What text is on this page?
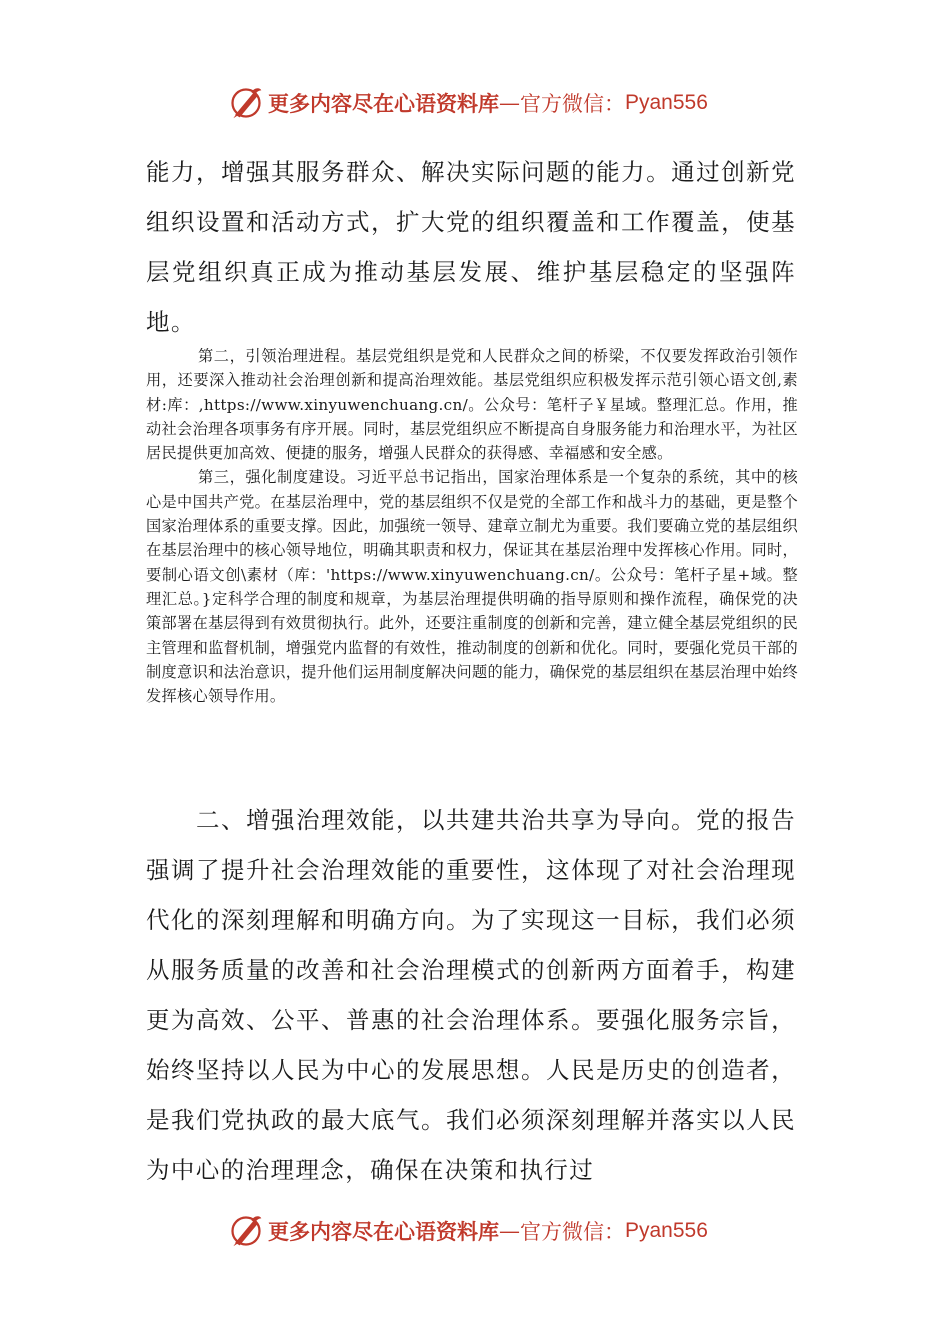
更多内容尽在心语资料库 — 官方微信： Pyan556

能力，增强其服务群众、解决实际问题的能力。通过创新党组织设置和活动方式，扩大党的组织覆盖和工作覆盖，使基层党组织真正成为推动基层发展、维护基层稳定的坚强阵地。

第二，引领治理进程。基层党组织是党和人民群众之间的桥梁，不仅要发挥政治引领作用，还要深入推动社会治理创新和提高治理效能。基层党组织应积极发挥示范引领心语文创,素材:库：,https://www.xinyuwenchuang.cn/。公众号：笔杆子￥星域。整理汇总。作用，推动社会治理各项事务有序开展。同时，基层党组织应不断提高自身服务能力和治理水平，为社区居民提供更加高效、便捷的服务，增强人民群众的获得感、幸福感和安全感。

第三，强化制度建设。习近平总书记指出，国家治理体系是一个复杂的系统，其中的核心是中国共产党。在基层治理中，党的基层组织不仅是党的全部工作和战斗力的基础，更是整个国家治理体系的重要支撑。因此，加强统一领导、建章立制尤为重要。我们要确立党的基层组织在基层治理中的核心领导地位，明确其职责和权力，保证其在基层治理中发挥核心作用。同时，要制心语文创\素材（库：'https://www.xinyuwenchuang.cn/。公众号：笔杆子星+域。整理汇总。}定科学合理的制度和规章，为基层治理提供明确的指导原则和操作流程，确保党的决策部署在基层得到有效贯彻执行。此外，还要注重制度的创新和完善，建立健全基层党组织的民主管理和监督机制，增强党内监督的有效性，推动制度的创新和优化。同时，要强化党员干部的制度意识和法治意识，提升他们运用制度解决问题的能力，确保党的基层组织在基层治理中始终发挥核心领导作用。

二、增强治理效能，以共建共治共享为导向。党的报告强调了提升社会治理效能的重要性，这体现了对社会治理现代化的深刻理解和明确方向。为了实现这一目标，我们必须从服务质量的改善和社会治理模式的创新两方面着手，构建更为高效、公平、普惠的社会治理体系。要强化服务宗旨，始终坚持以人民为中心的发展思想。人民是历史的创造者，是我们党执政的最大底气。我们必须深刻理解并落实以人民为中心的治理理念，确保在决策和执行过

更多内容尽在心语资料库 — 官方微信： Pyan556
